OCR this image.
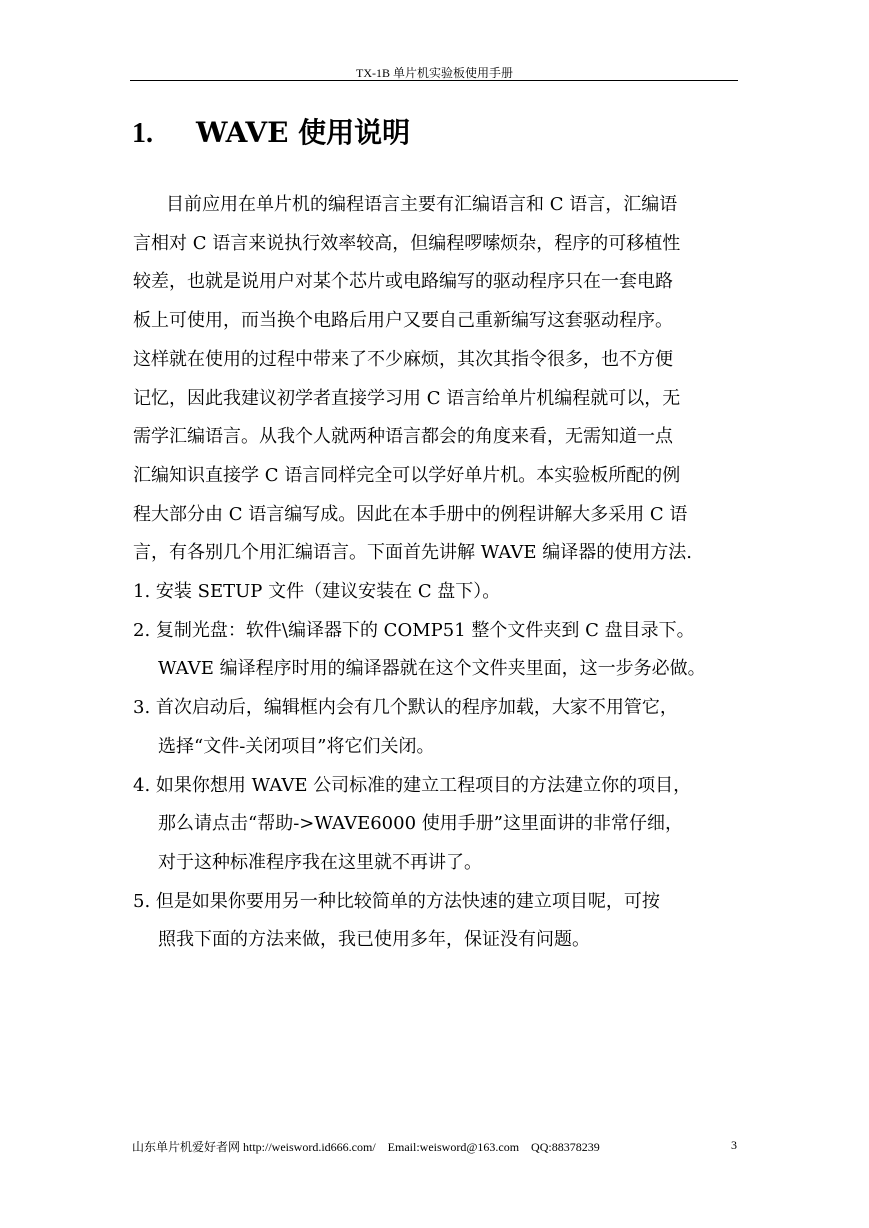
TX-1B 单片机实验板使用手册
1. WAVE 使用说明

目前应用在单片机的编程语言主要有汇编语言和 C 语言，汇编语

言相对 C 语言来说执行效率较高，但编程啰嗦烦杂，程序的可移植性

较差，也就是说用户对某个芯片或电路编写的驱动程序只在一套电路

板上可使用，而当换个电路后用户又要自己重新编写这套驱动程序。

这样就在使用的过程中带来了不少麻烦，其次其指令很多，也不方便

记忆，因此我建议初学者直接学习用 C 语言给单片机编程就可以，无

需学汇编语言。从我个人就两种语言都会的角度来看，无需知道一点

汇编知识直接学 C 语言同样完全可以学好单片机。本实验板所配的例

程大部分由 C 语言编写成。因此在本手册中的例程讲解大多采用 C 语

言，有各别几个用汇编语言。下面首先讲解 WAVE 编译器的使用方法.

1. 安装 SETUP 文件（建议安装在 C 盘下）。
2. 复制光盘：软件\编译器下的 COMP51 整个文件夹到 C 盘目录下。
WAVE 编译程序时用的编译器就在这个文件夹里面，这一步务必做。
3. 首次启动后，编辑框内会有几个默认的程序加载，大家不用管它，
选择“文件-关闭项目”将它们关闭。
4. 如果你想用 WAVE 公司标准的建立工程项目的方法建立你的项目，
那么请点击“帮助->WAVE6000 使用手册”这里面讲的非常仔细，
对于这种标准程序我在这里就不再讲了。
5. 但是如果你要用另一种比较简单的方法快速的建立项目呢，可按
照我下面的方法来做，我已使用多年，保证没有问题。
山东单片机爱好者网 http://weisword.id666.com/ Email:weisword@163.com QQ:88378239	3
